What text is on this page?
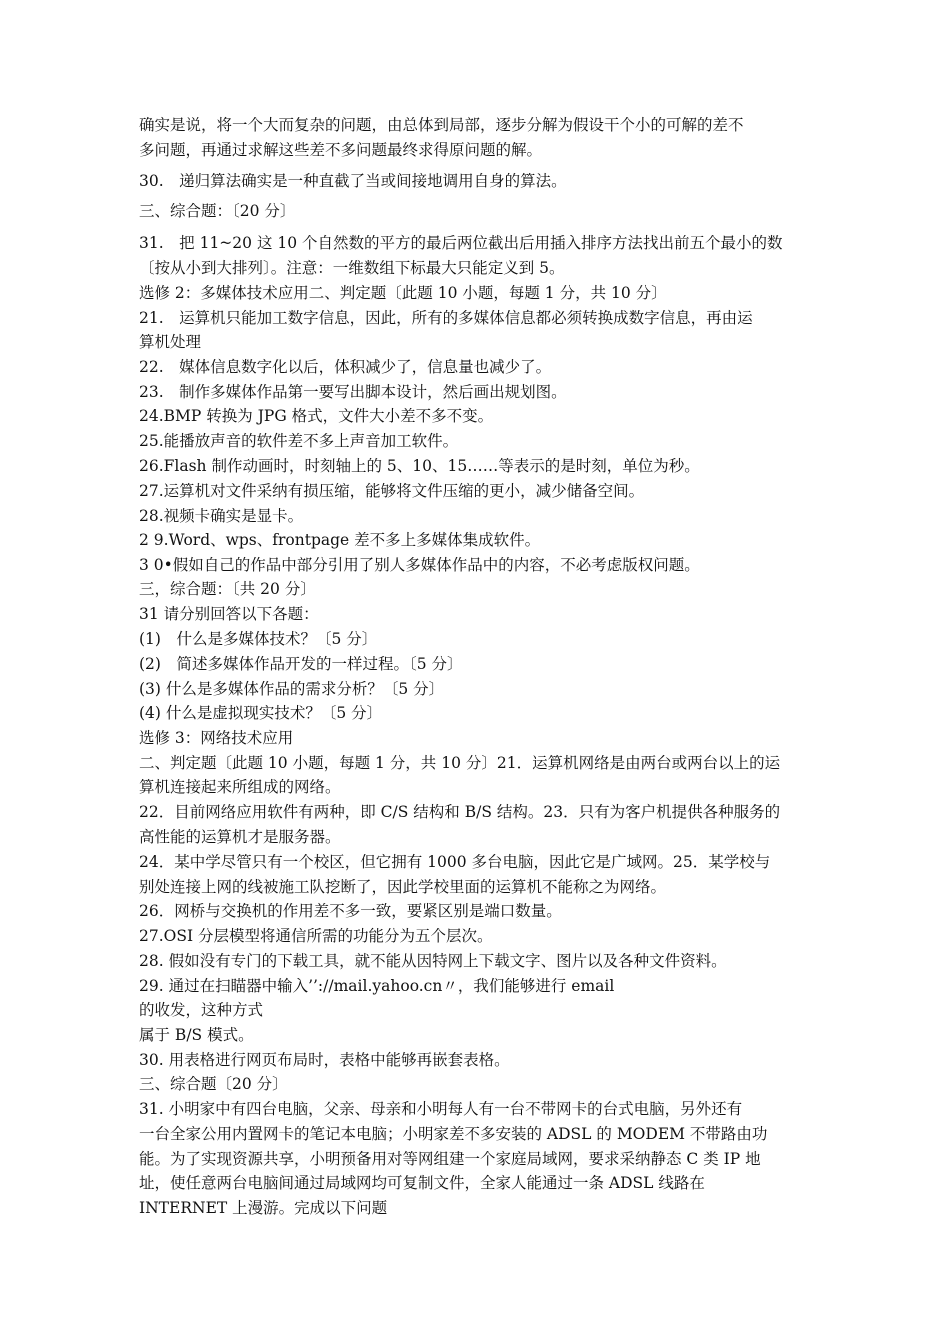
确实是说，将一个大而复杂的问题，由总体到局部，逐步分解为假设干个小的可解的差不
多问题，再通过求解这些差不多问题最终求得原问题的解。
30.　递归算法确实是一种直截了当或间接地调用自身的算法。
三、综合题：〔20 分〕
31.　把 11~20 这 10 个自然数的平方的最后两位截出后用插入排序方法找出前五个最小的数
〔按从小到大排列〕。注意：一维数组下标最大只能定义到 5。
选修 2：多媒体技术应用二、判定题〔此题 10 小题，每题 1 分，共 10 分〕
21.　运算机只能加工数字信息，因此，所有的多媒体信息都必须转换成数字信息，再由运
算机处理
22.　媒体信息数字化以后，体积减少了，信息量也减少了。
23.　制作多媒体作品第一要写出脚本设计，然后画出规划图。
24.BMP 转换为 JPG 格式，文件大小差不多不变。
25.能播放声音的软件差不多上声音加工软件。
26.Flash 制作动画时，时刻轴上的 5、10、15……等表示的是时刻，单位为秒。
27.运算机对文件采纳有损压缩，能够将文件压缩的更小，减少储备空间。
28.视频卡确实是显卡。
2 9.Word、wps、frontpage 差不多上多媒体集成软件。
3 0•假如自己的作品中部分引用了别人多媒体作品中的内容，不必考虑版权问题。
三，综合题：〔共 20 分〕
31 请分别回答以下各题：
(1)　什么是多媒体技术？〔5 分〕
(2)　简述多媒体作品开发的一样过程。〔5 分〕
(3) 什么是多媒体作品的需求分析？〔5 分〕
(4) 什么是虚拟现实技术？〔5 分〕
选修 3：网络技术应用
二、判定题〔此题 10 小题，每题 1 分，共 10 分〕21．运算机网络是由两台或两台以上的运
算机连接起来所组成的网络。
22．目前网络应用软件有两种，即 C/S 结构和 B/S 结构。23．只有为客户机提供各种服务的
高性能的运算机才是服务器。
24．某中学尽管只有一个校区，但它拥有 1000 多台电脑，因此它是广域网。25．某学校与
别处连接上网的线被施工队挖断了，因此学校里面的运算机不能称之为网络。
26．网桥与交换机的作用差不多一致，要紧区别是端口数量。
27.OSI 分层模型将通信所需的功能分为五个层次。
28. 假如没有专门的下载工具，就不能从因特网上下载文字、图片以及各种文件资料。
29. 通过在扫瞄器中输入’’://mail.yahoo.cn〃，我们能够进行 email
的收发，这种方式
属于 B/S 模式。
30. 用表格进行网页布局时，表格中能够再嵌套表格。
三、综合题〔20 分〕
31. 小明家中有四台电脑，父亲、母亲和小明每人有一台不带网卡的台式电脑，另外还有
一台全家公用内置网卡的笔记本电脑；小明家差不多安装的 ADSL 的 MODEM 不带路由功
能。为了实现资源共享，小明预备用对等网组建一个家庭局域网，要求采纳静态 C 类 IP 地
址，使任意两台电脑间通过局域网均可复制文件，全家人能通过一条 ADSL 线路在
INTERNET 上漫游。完成以下问题
